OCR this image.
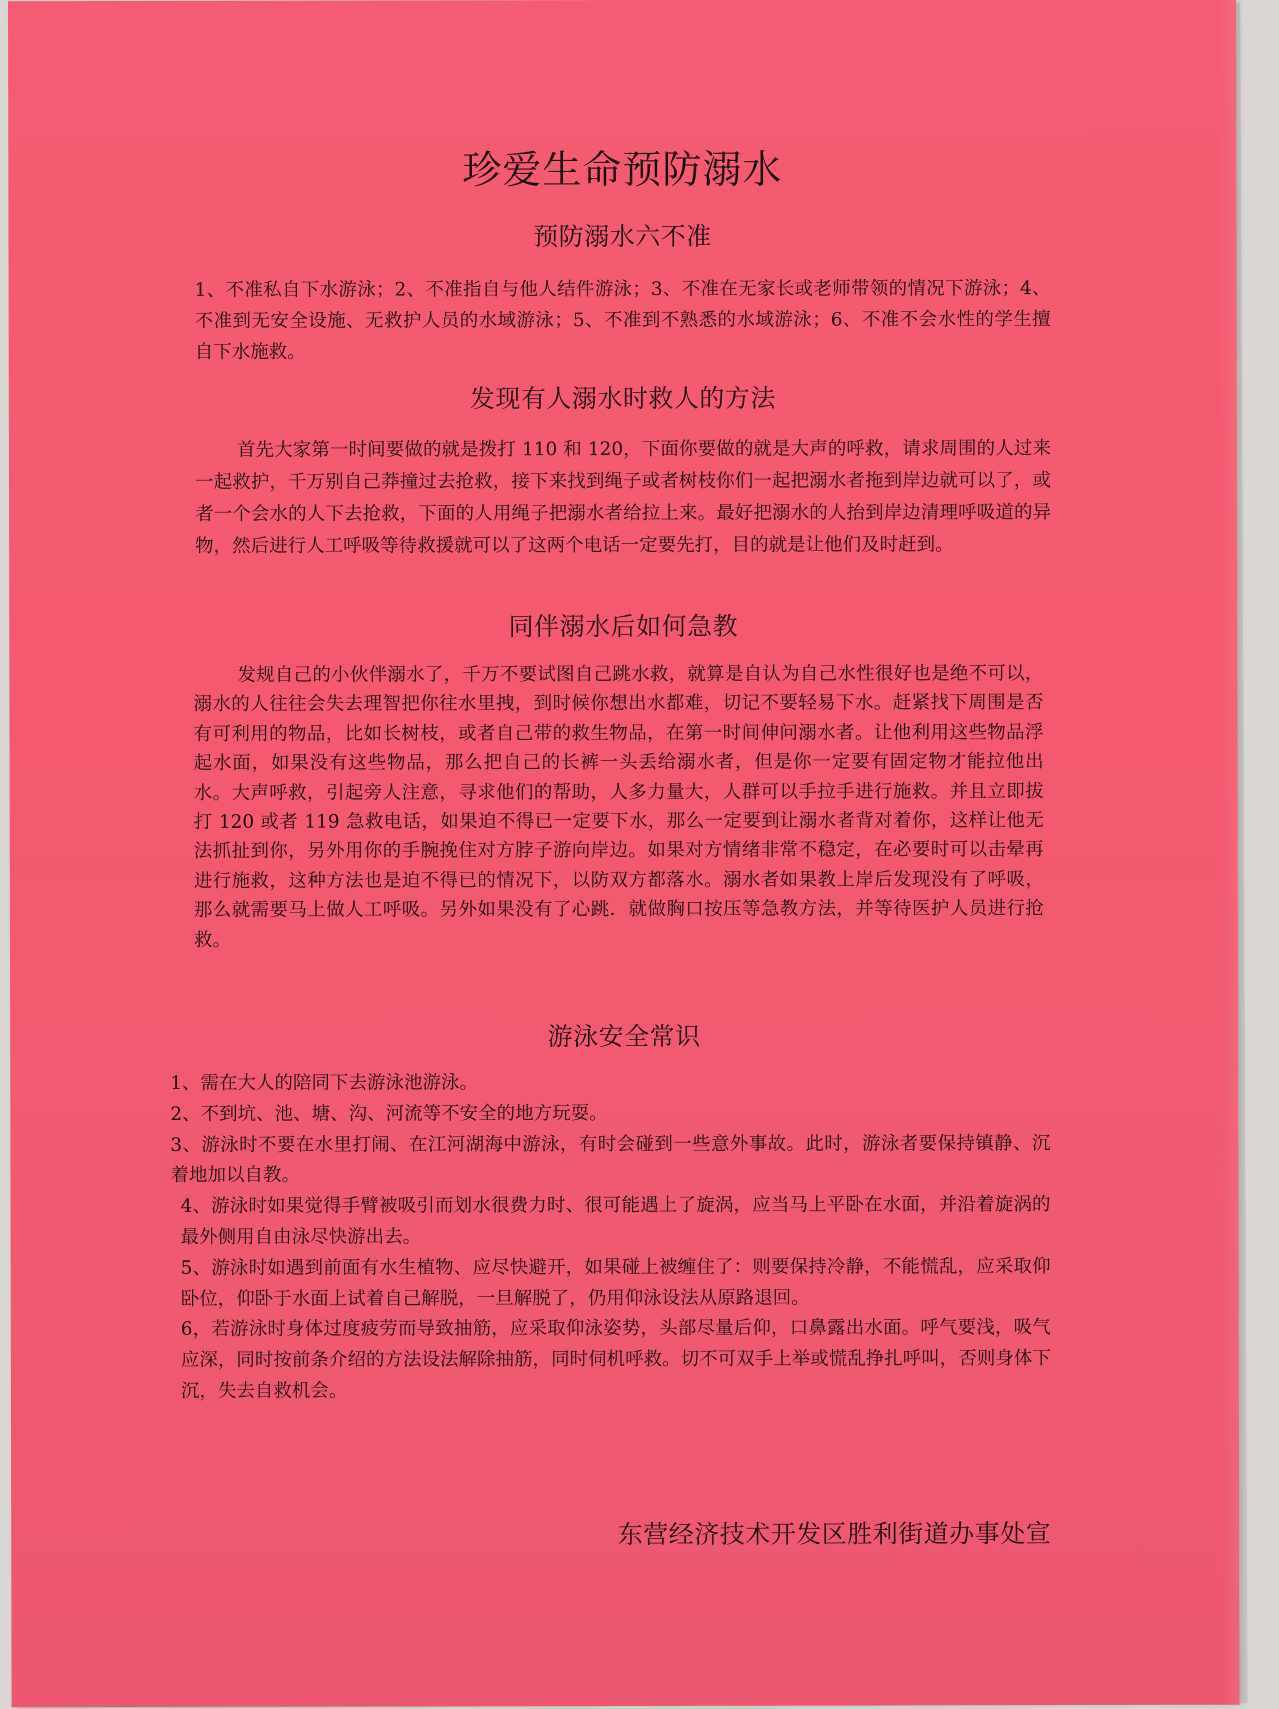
珍爱生命预防溺水
预防溺水六不准

1、不准私自下水游泳；2、不准指自与他人结件游泳；3、不准在无家长或老师带领的情况下游泳；4、不准到无安全设施、无救护人员的水域游泳；5、不准到不熟悉的水域游泳；6、不准不会水性的学生擅自下水施救。

发现有人溺水时救人的方法

首先大家第一时间要做的就是拨打 110 和 120，下面你要做的就是大声的呼救，请求周围的人过来一起救护，千万别自己莽撞过去抢救，接下来找到绳子或者树枝你们一起把溺水者拖到岸边就可以了，或者一个会水的人下去抢救，下面的人用绳子把溺水者给拉上来。最好把溺水的人抬到岸边清理呼吸道的异物，然后进行人工呼吸等待救援就可以了这两个电话一定要先打，目的就是让他们及时赶到。

同伴溺水后如何急教

发规自己的小伙伴溺水了，千万不要试图自己跳水救，就算是自认为自己水性很好也是绝不可以，溺水的人往往会失去理智把你往水里拽，到时候你想出水都难，切记不要轻易下水。赶紧找下周围是否有可利用的物品，比如长树枝，或者自己带的救生物品，在第一时间伸问溺水者。让他利用这些物品浮起水面，如果没有这些物品，那么把自己的长裤一头丢给溺水者，但是你一定要有固定物才能拉他出水。大声呼救，引起旁人注意，寻求他们的帮助，人多力量大，人群可以手拉手进行施救。并且立即拔打 120 或者 119 急救电话，如果迫不得已一定要下水，那么一定要到让溺水者背对着你，这样让他无法抓扯到你，另外用你的手腕挽住对方脖子游向岸边。如果对方情绪非常不稳定，在必要时可以击晕再进行施救，这种方法也是迫不得已的情况下，以防双方都落水。溺水者如果教上岸后发现没有了呼吸，那么就需要马上做人工呼吸。另外如果没有了心跳．就做胸口按压等急教方法，并等待医护人员进行抢救。

游泳安全常识
1、需在大人的陪同下去游泳池游泳。
2、不到坑、池、塘、沟、河流等不安全的地方玩耍。
3、游泳时不要在水里打闹、在江河湖海中游泳，有时会碰到一些意外事故。此时，游泳者要保持镇静、沉着地加以自教。
4、游泳时如果觉得手臂被吸引而划水很费力时、很可能遇上了旋涡，应当马上平卧在水面，并沿着旋涡的最外侧用自由泳尽快游出去。
5、游泳时如遇到前面有水生植物、应尽快避开，如果碰上被缠住了：则要保持冷静，不能慌乱，应采取仰卧位，仰卧于水面上试着自己解脱，一旦解脱了，仍用仰泳设法从原路退回。
6，若游泳时身体过度疲劳而导致抽筋，应采取仰泳姿势，头部尽量后仰，口鼻露出水面。呼气要浅，吸气应深，同时按前条介绍的方法设法解除抽筋，同时伺机呼救。切不可双手上举或慌乱挣扎呼叫，否则身体下沉，失去自救机会。
东营经济技术开发区胜利街道办事处宣
